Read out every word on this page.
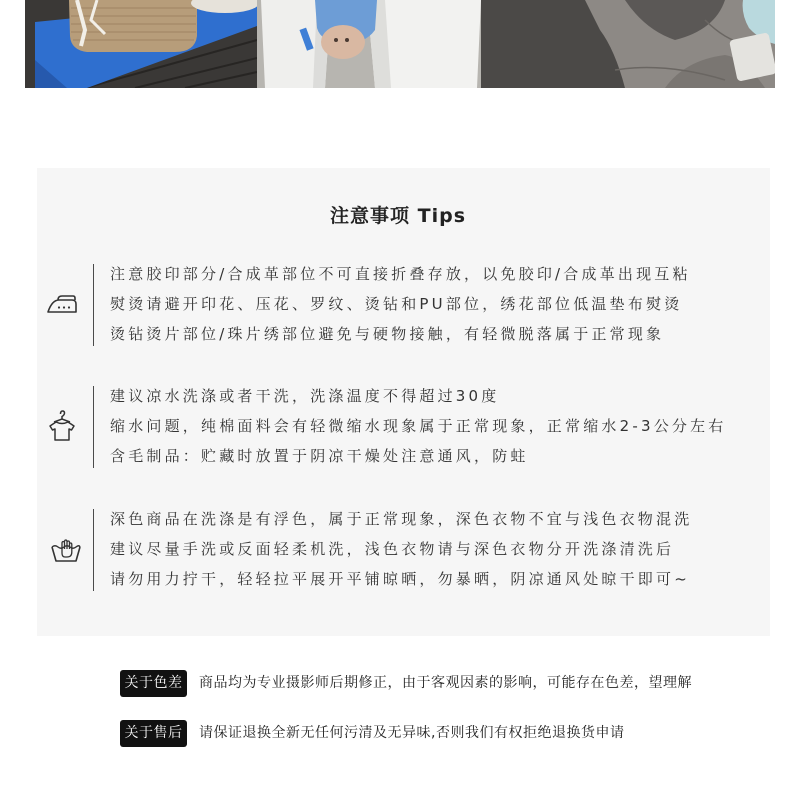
注意事项 Tips
注意胶印部分/合成革部位不可直接折叠存放，以免胶印/合成革出现互粘
熨烫请避开印花、压花、罗纹、烫钻和PU部位，绣花部位低温垫布熨烫
烫钻烫片部位/珠片绣部位避免与硬物接触，有轻微脱落属于正常现象
建议凉水洗涤或者干洗，洗涤温度不得超过30度
缩水问题，纯棉面料会有轻微缩水现象属于正常现象，正常缩水2-3公分左右
含毛制品：贮藏时放置于阴凉干燥处注意通风，防蛀
深色商品在洗涤是有浮色，属于正常现象，深色衣物不宜与浅色衣物混洗
建议尽量手洗或反面轻柔机洗，浅色衣物请与深色衣物分开洗涤清洗后
请勿用力拧干，轻轻拉平展开平铺晾晒，勿暴晒，阴凉通风处晾干即可~
关于色差	商品均为专业摄影师后期修正，由于客观因素的影响，可能存在色差，望理解
关于售后	请保证退换全新无任何污清及无异味,否则我们有权拒绝退换货申请
